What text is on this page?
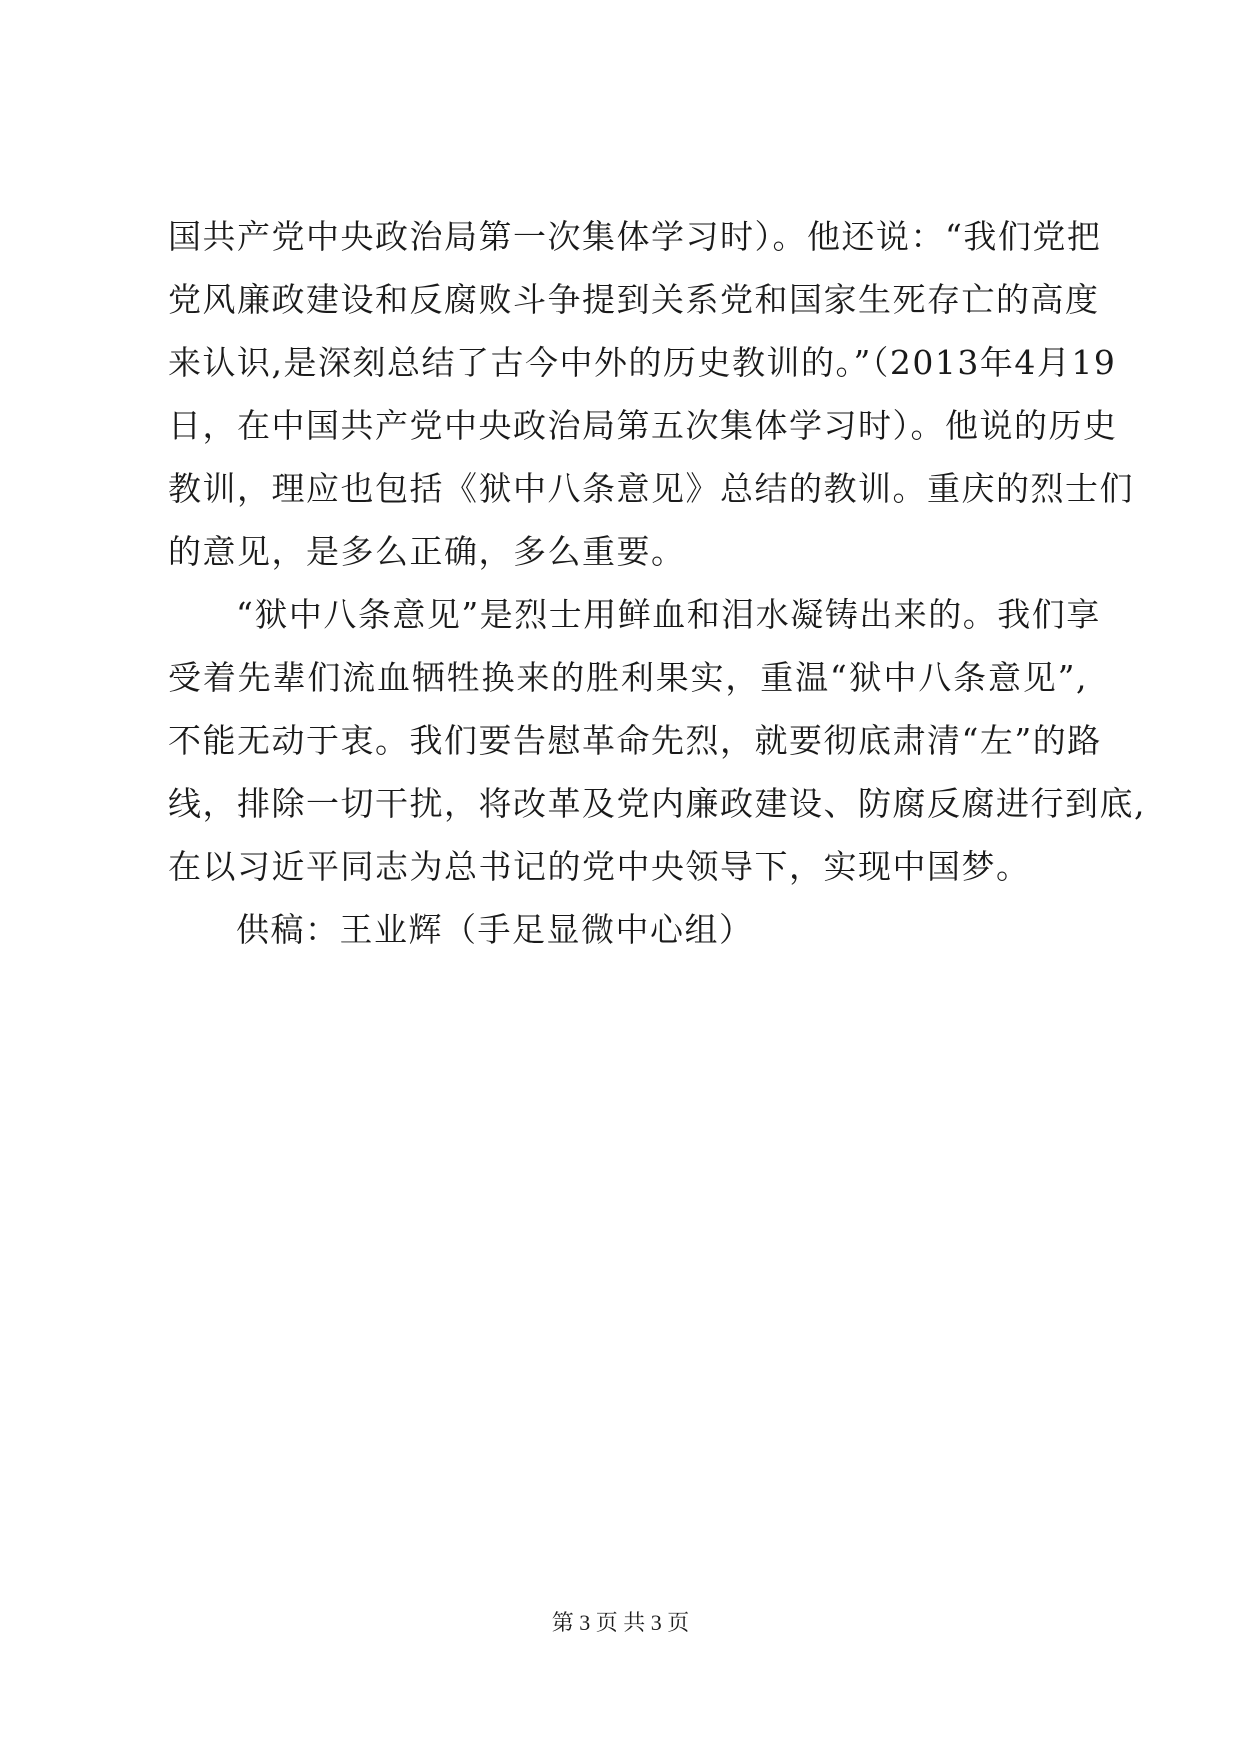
国共产党中央政治局第一次集体学习时）。他还说：“我们党把
党风廉政建设和反腐败斗争提到关系党和国家生死存亡的高度
来认识,是深刻总结了古今中外的历史教训的。”（2013年4月19
日，在中国共产党中央政治局第五次集体学习时）。他说的历史
教训，理应也包括《狱中八条意见》总结的教训。重庆的烈士们
的意见，是多么正确，多么重要。
“狱中八条意见”是烈士用鲜血和泪水凝铸出来的。我们享
受着先辈们流血牺牲换来的胜利果实，重温“狱中八条意见”,
不能无动于衷。我们要告慰革命先烈，就要彻底肃清“左”的路
线，排除一切干扰，将改革及党内廉政建设、防腐反腐进行到底,
在以习近平同志为总书记的党中央领导下，实现中国梦。
供稿：王业辉（手足显微中心组）
第 3 页 共 3 页
